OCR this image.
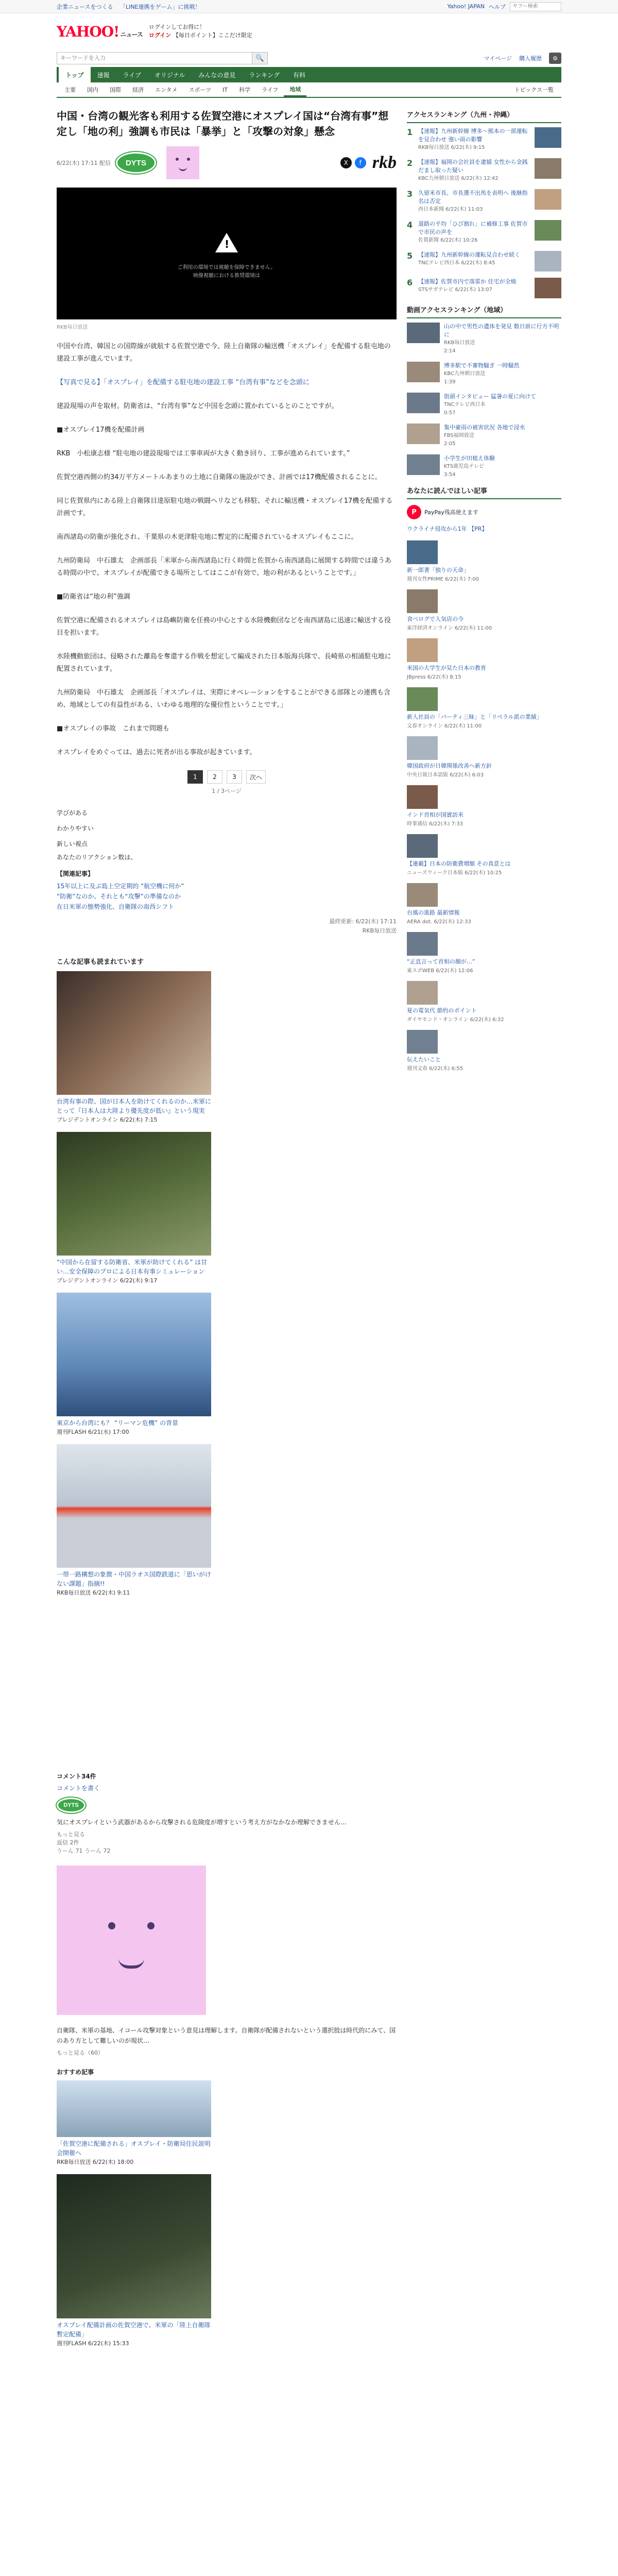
企業ニュースをつくる 「LINE連携をゲーム」に挑戦！	Yahoo! JAPAN ヘルプ
ヤフー検索
YAHOO! ニュース
ログインしてお得に！
ログイン 【毎日ポイント】ここだけ限定
キーワードを入力
🔍	マイページ 購入履歴	⚙
トップ	速報	ライブ	オリジナル	みんなの意見	ランキング	有料
主要	国内	国際	経済	エンタメ	スポーツ	IT	科学	ライフ	地域	トピックス一覧
中国・台湾の観光客も利用する佐賀空港にオスプレイ国は“台湾有事”想定し「地の利」強調も市民は「暴挙」と「攻撃の対象」懸念
6/22(木) 17:11 配信	DYTS	X	f rkb
!
ご利用の環境では視聴を保障できません。
映像視聴における推奨環境は
RKB毎日放送

中国や台湾、韓国との国際線が就航する佐賀空港で今、陸上自衛隊の輸送機「オスプレイ」を配備する駐屯地の建設工事が進んでいます。

【写真で見る】「オスプレイ」を配備する駐屯地の建設工事 “台湾有事”などを念頭に

建設現場の声を取材。防衛省は、“台湾有事”など中国を念頭に置かれているとのことですが。

■オスプレイ17機を配備計画

RKB　小松康志様 “駐屯地の建設現場では工事車両が大きく動き回り、工事が進められています。”

佐賀空港西側の約34万平方メートルあまりの土地に自衛隊の施設ができ、計画では17機配備されることに。

同じ佐賀県内にある陸上自衛隊目達原駐屯地の戦闘ヘリなども移駐、それに輸送機・オスプレイ17機を配備する計画です。

南西諸島の防衛が強化され、千葉県の木更津駐屯地に暫定的に配備されているオスプレイもここに。

九州防衛局　中石雄太　企画部長「米軍から南西諸島に行く時間と佐賀から南西諸島に展開する時間では違うある時間の中で、オスプレイが配備できる場所としてはここが有効で、地の利があるということです。」

■防衛省は“地の利”強調

佐賀空港に配備されるオスプレイは島嶼防衛を任務の中心とする水陸機動団などを南西諸島に迅速に輸送する役目を担います。

水陸機動旅団は、侵略された離島を奪還する作戦を想定して編成された日本版海兵隊で、長崎県の相浦駐屯地に配置されています。

九州防衛局　中石雄太　企画部長「オスプレイは、実際にオペレーションをすることができる部隊との連携も含め、地域としての有益性がある、いわゆる地理的な優位性ということです。」

■オスプレイの事故　これまで問題も

オスプレイをめぐっては、過去に死者が出る事故が起きています。

1	2	3	次へ
1 / 3ページ
学びがある
わかりやすい
新しい視点
あなたのリアクション数は、
【関連記事】

15年以上に及ぶ島上空定期的 “航空機に何か”

“防衛”なのか、それとも“攻撃”の準備なのか

在日米軍の態勢強化、自衛隊の南西シフト

最終更新: 6/22(木) 17:11
RKB毎日放送
こんな記事も読まれています
台湾有事の際、国が日本人を助けてくれるのか…米軍にとって『日本人は大陸より優先度が低い』という現実
プレジデントオンライン 6/22(木) 7:15
“中国から在留する防衛省、米軍が助けてくれる” は甘い…安全保障のプロによる日本有事シミュレーション
プレジデントオンライン 6/22(木) 9:17
東京から台湾にも？ “リーマン危機” の背景
週刊FLASH 6/21(水) 17:00
一帯一路構想の象徴・中国ラオス国際鉄道に「思いがけない課題」指摘!!
RKB毎日放送 6/22(木) 9:11
コメント34件
コメントを書く
DYTS
気にオスプレイという武器があるから攻撃される危険度が増すという考え方がなかなか理解できません…
もっと見る
返信 2件
うーん 71 うーん 72
自衛隊、米軍の基地、イコール攻撃対象という意見は理解します。自衛隊が配備されないという選択肢は時代的にみて、国のあり方として難しいのが現状…
もっと見る（60）
おすすめ記事
「佐賀空港に配備される」オスプレイ・防衛局住民説明会開催へ
RKB毎日放送 6/22(木) 18:00
オスプレイ配備計画の佐賀空港で、米軍の「陸上自衛隊暫定配備」
週刊FLASH 6/22(木) 15:33
アクセスランキング（九州・沖縄）
1 【速報】九州新幹線 博多〜熊本の一部運転を見合わせ 強い雨の影響
RKB毎日放送 6/22(木) 9:15
2 【速報】福岡の会社員を逮捕 女性から金銭だまし取った疑い
KBC九州朝日放送 6/22(木) 12:42
3 久留米市長、市長選不出馬を表明へ 後継指名は否定
西日本新聞 6/22(木) 11:03
4 道路の平均「ひび割れ」に補修工事 佐賀市で市民の声を
佐賀新聞 6/22(木) 10:26
5 【速報】九州新幹線の運転見合わせ続く
TNCテレビ西日本 6/22(木) 8:45
6 【速報】佐賀市内で落雷か 住宅が全焼
STSサガテレビ 6/22(木) 13:07
動画アクセスランキング（地域）
山の中で男性の遺体を発見 数日前に行方不明に
RKB毎日放送
2:14
博多駅で不審物騒ぎ 一時騒然
KBC九州朝日放送
1:39
街頭インタビュー 猛暑の夏に向けて
TNCテレビ西日本
0:57
集中豪雨の被害状況 各地で浸水
FBS福岡放送
2:05
小学生が田植え体験
KTS鹿児島テレビ
3:54
あなたに読んでほしい記事
P	PayPay残高使えます
ウクライナ侵攻から1年 【PR】
新一郎著「独りの天命」
週刊女性PRIME 6/22(木) 7:00
食べログで人気店の今
東洋経済オンライン 6/22(木) 11:00
米国の大学生が見た日本の教育
JBpress 6/22(木) 8:15
新人社員の「パーティ三昧」と「リベラル派の業績」
文春オンライン 6/22(木) 11:00
韓国政府が日韓関係改善へ新方針
中央日報日本語版 6/22(木) 6:03
インド首相が国賓訪米
時事通信 6/22(木) 7:33
【連載】日本の防衛費増額 その真意とは
ニューズウィーク日本版 6/22(木) 10:25
台風の進路 最新情報
AERA dot. 6/22(木) 12:33
“正直言って首相の顔が…”
東スポWEB 6/22(木) 12:06
夏の電気代 節約のポイント
ダイヤモンド・オンライン 6/22(木) 6:32
伝えたいこと
週刊文春 6/22(木) 6:55
